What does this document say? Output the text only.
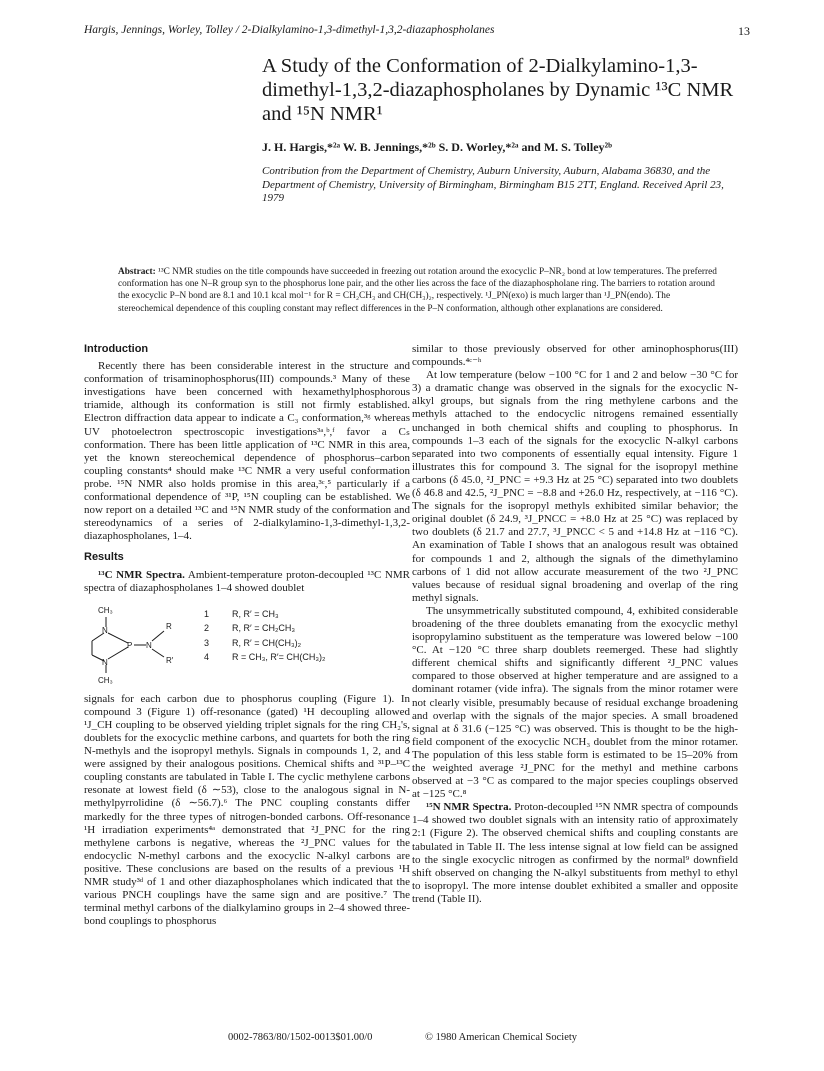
Hargis, Jennings, Worley, Tolley / 2-Dialkylamino-1,3-dimethyl-1,3,2-diazaphospholanes	13
A Study of the Conformation of 2-Dialkylamino-1,3-dimethyl-1,3,2-diazaphospholanes by Dynamic ¹³C NMR and ¹⁵N NMR¹
J. H. Hargis,*²ᵃ W. B. Jennings,*²ᵇ S. D. Worley,*²ᵃ and M. S. Tolley²ᵇ
Contribution from the Department of Chemistry, Auburn University, Auburn, Alabama 36830, and the Department of Chemistry, University of Birmingham, Birmingham B15 2TT, England. Received April 23, 1979
Abstract: ¹³C NMR studies on the title compounds have succeeded in freezing out rotation around the exocyclic P–NR₂ bond at low temperatures. The preferred conformation has one N–R group syn to the phosphorus lone pair, and the other lies across the face of the diazaphospholane ring. The barriers to rotation around the exocyclic P–N bond are 8.1 and 10.1 kcal mol⁻¹ for R = CH₂CH₃ and CH(CH₃)₂, respectively. ¹J_PN(exo) is much larger than ¹J_PN(endo). The stereochemical dependence of this coupling constant may reflect differences in the P–N conformation, although other explanations are considered.
Introduction

Recently there has been considerable interest in the structure and conformation of trisaminophosphorus(III) compounds.³ Many of these investigations have been concerned with hexamethylphosphorous triamide, although its conformation is still not firmly established. Electron diffraction data appear to indicate a C₃ conformation,³ᵍ whereas UV photoelectron spectroscopic investigations³ᵃ,ᵇ,ᶠ favor a Cₛ conformation. There has been little application of ¹³C NMR in this area, yet the known stereochemical dependence of phosphorus–carbon coupling constants⁴ should make ¹³C NMR a very useful conformation probe. ¹⁵N NMR also holds promise in this area,³ᶜ,⁵ particularly if a conformational dependence of ³¹P, ¹⁵N coupling can be established. We now report on a detailed ¹³C and ¹⁵N NMR study of the conformation and stereodynamics of a series of 2-dialkylamino-1,3-dimethyl-1,3,2-diazaphospholanes, 1–4.

Results

¹³C NMR Spectra. Ambient-temperature proton-decoupled ¹³C NMR spectra of diazaphospholanes 1–4 showed doublet

CH₃
N
P N
N
CH₃
R
R′
1	R, R′ = CH₃
2	R, R′ = CH₂CH₃
3	R, R′ = CH(CH₃)₂
4	R = CH₃, R′= CH(CH₃)₂

signals for each carbon due to phosphorus coupling (Figure 1). In compound 3 (Figure 1) off-resonance (gated) ¹H decoupling allowed ¹J_CH coupling to be observed yielding triplet signals for the ring CH₂'s, doublets for the exocyclic methine carbons, and quartets for both the ring N-methyls and the isopropyl methyls. Signals in compounds 1, 2, and 4 were assigned by their analogous positions. Chemical shifts and ³¹P–¹³C coupling constants are tabulated in Table I. The cyclic methylene carbons resonate at lowest field (δ ∼53), close to the analogous signal in N-methylpyrrolidine (δ ∼56.7).⁶ The PNC coupling constants differ markedly for the three types of nitrogen-bonded carbons. Off-resonance ¹H irradiation experiments⁴ᵃ demonstrated that ²J_PNC for the ring methylene carbons is negative, whereas the ²J_PNC values for the endocyclic N-methyl carbons and the exocyclic N-alkyl carbons are positive. These conclusions are based on the results of a previous ¹H NMR study³ᵈ of 1 and other diazaphospholanes which indicated that the various PNCH couplings have the same sign and are positive.⁷ The terminal methyl carbons of the dialkylamino groups in 2–4 showed three-bond couplings to phosphorus

similar to those previously observed for other aminophosphorus(III) compounds.⁴ᶜ⁻ʰ

At low temperature (below −100 °C for 1 and 2 and below −30 °C for 3) a dramatic change was observed in the signals for the exocyclic N-alkyl groups, but signals from the ring methylene carbons and the methyls attached to the endocyclic nitrogens remained essentially unchanged in both chemical shifts and coupling to phosphorus. In compounds 1–3 each of the signals for the exocyclic N-alkyl carbons separated into two components of essentially equal intensity. Figure 1 illustrates this for compound 3. The signal for the isopropyl methine carbons (δ 45.0, ²J_PNC = +9.3 Hz at 25 °C) separated into two doublets (δ 46.8 and 42.5, ²J_PNC = −8.8 and +26.0 Hz, respectively, at −116 °C). The signals for the isopropyl methyls exhibited similar behavior; the original doublet (δ 24.9, ³J_PNCC = +8.0 Hz at 25 °C) was replaced by two doublets (δ 21.7 and 27.7, ³J_PNCC < 5 and +14.8 Hz at −116 °C). An examination of Table I shows that an analogous result was obtained for compounds 1 and 2, although the signals of the dimethylamino carbons of 1 did not allow accurate measurement of the two ²J_PNC values because of residual signal broadening and overlap of the ring methyl signals.

The unsymmetrically substituted compound, 4, exhibited considerable broadening of the three doublets emanating from the exocyclic methyl isopropylamino substituent as the temperature was lowered below −100 °C. At −120 °C three sharp doublets reemerged. These had slightly different chemical shifts and significantly different ²J_PNC values compared to those observed at higher temperature and are assigned to a dominant rotamer (vide infra). The signals from the minor rotamer were not clearly visible, presumably because of residual exchange broadening and overlap with the signals of the major species. A small broadened signal at δ 31.6 (−125 °C) was observed. This is thought to be the high-field component of the exocyclic NCH₃ doublet from the minor rotamer. The population of this less stable form is estimated to be 15–20% from the weighted average ²J_PNC for the methyl and methine carbons observed at −3 °C as compared to the major species couplings observed at −125 °C.⁸

¹⁵N NMR Spectra. Proton-decoupled ¹⁵N NMR spectra of compounds 1–4 showed two doublet signals with an intensity ratio of approximately 2:1 (Figure 2). The observed chemical shifts and coupling constants are tabulated in Table II. The less intense signal at low field can be assigned to the single exocyclic nitrogen as confirmed by the normal⁹ downfield shift observed on changing the N-alkyl substituents from methyl to ethyl to isopropyl. The more intense doublet exhibited a smaller and opposite trend (Table II).

0002-7863/80/1502-0013$01.00/0	© 1980 American Chemical Society
